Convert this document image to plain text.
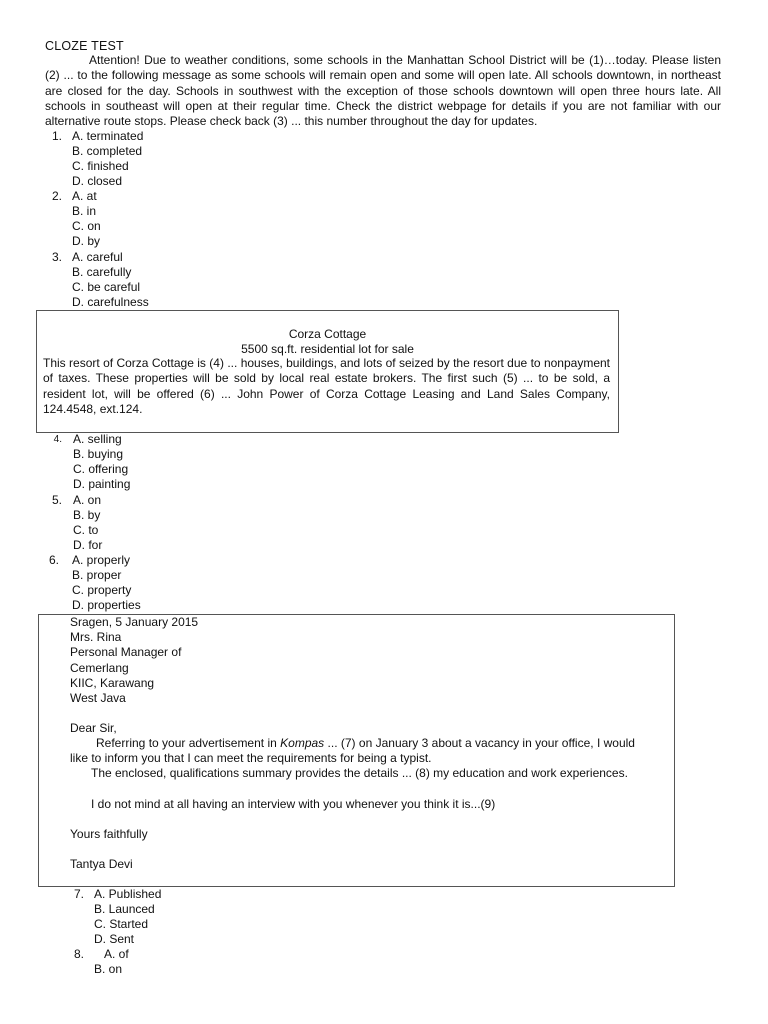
CLOZE TEST
Attention! Due to weather conditions, some schools in the Manhattan School District will be (1)…today. Please listen (2) ... to the following message as some schools will remain open and some will open late. All schools downtown, in northeast are closed for the day. Schools in southwest with the exception of those schools downtown will open three hours late. All schools in southeast will open at their regular time. Check the district webpage for details if you are not familiar with our alternative route stops. Please check back (3) ... this number throughout the day for updates.
1. A. terminated
B. completed
C. finished
D. closed
2. A. at
B. in
C. on
D. by
3. A. careful
B. carefully
C. be careful
D. carefulness
Corza Cottage
5500 sq.ft. residential lot for sale
This resort of Corza Cottage is (4) ... houses, buildings, and lots of seized by the resort due to nonpayment of taxes. These properties will be sold by local real estate brokers. The first such (5) ... to be sold, a resident lot, will be offered (6) ... John Power of Corza Cottage Leasing and Land Sales Company, 124.4548, ext.124.
4. A. selling
B. buying
C. offering
D. painting
5. A. on
B. by
C. to
D. for
6. A. properly
B. proper
C. property
D. properties
Sragen, 5 January 2015
Mrs. Rina
Personal Manager of
Cemerlang
KIIC, Karawang
West Java
Dear Sir,
Referring to your advertisement in Kompas ... (7) on January 3 about a vacancy in your office, I would like to inform you that I can meet the requirements for being a typist.
The enclosed, qualifications summary provides the details ... (8) my education and work experiences.
I do not mind at all having an interview with you whenever you think it is...(9)
Yours faithfully
Tantya Devi
7. A. Published
B. Launced
C. Started
D. Sent
8. A. of
B. on
